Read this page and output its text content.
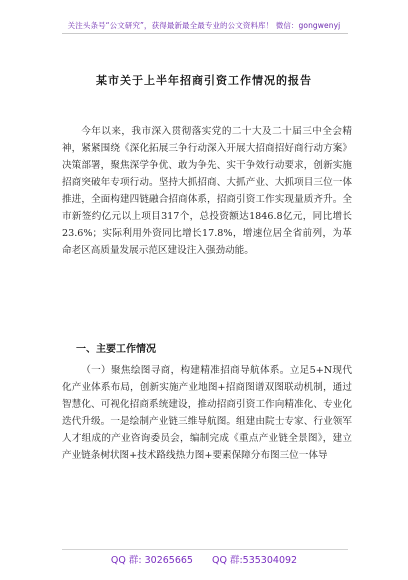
关注头条号“公文研究”，获得最新最全最专业的公文资料库！ 微信：gongwenyj
某市关于上半年招商引资工作情况的报告
今年以来，我市深入贯彻落实党的二十大及二十届三中全会精神，紧紧围绕《深化拓展三争行动深入开展大招商招好商行动方案》决策部署，聚焦深学争优、敢为争先、实干争效行动要求，创新实施招商突破年专项行动。坚持大抓招商、大抓产业、大抓项目三位一体推进，全面构建四链融合招商体系，招商引资工作实现量质齐升。全市新签约亿元以上项目317个，总投资额达1846.8亿元，同比增长23.6%；实际利用外资同比增长17.8%，增速位居全省前列，为革命老区高质量发展示范区建设注入强劲动能。
一、主要工作情况
（一）聚焦绘图寻商，构建精准招商导航体系。立足5+N现代化产业体系布局，创新实施产业地图+招商图谱双图联动机制，通过智慧化、可视化招商系统建设，推动招商引资工作向精准化、专业化迭代升级。一是绘制产业链三维导航图。组建由院士专家、行业领军人才组成的产业咨询委员会，编制完成《重点产业链全景图》，建立产业链条树状图+技术路线热力图+要素保障分布图三位一体导
QQ 群: 30265665 QQ 群:535304092
